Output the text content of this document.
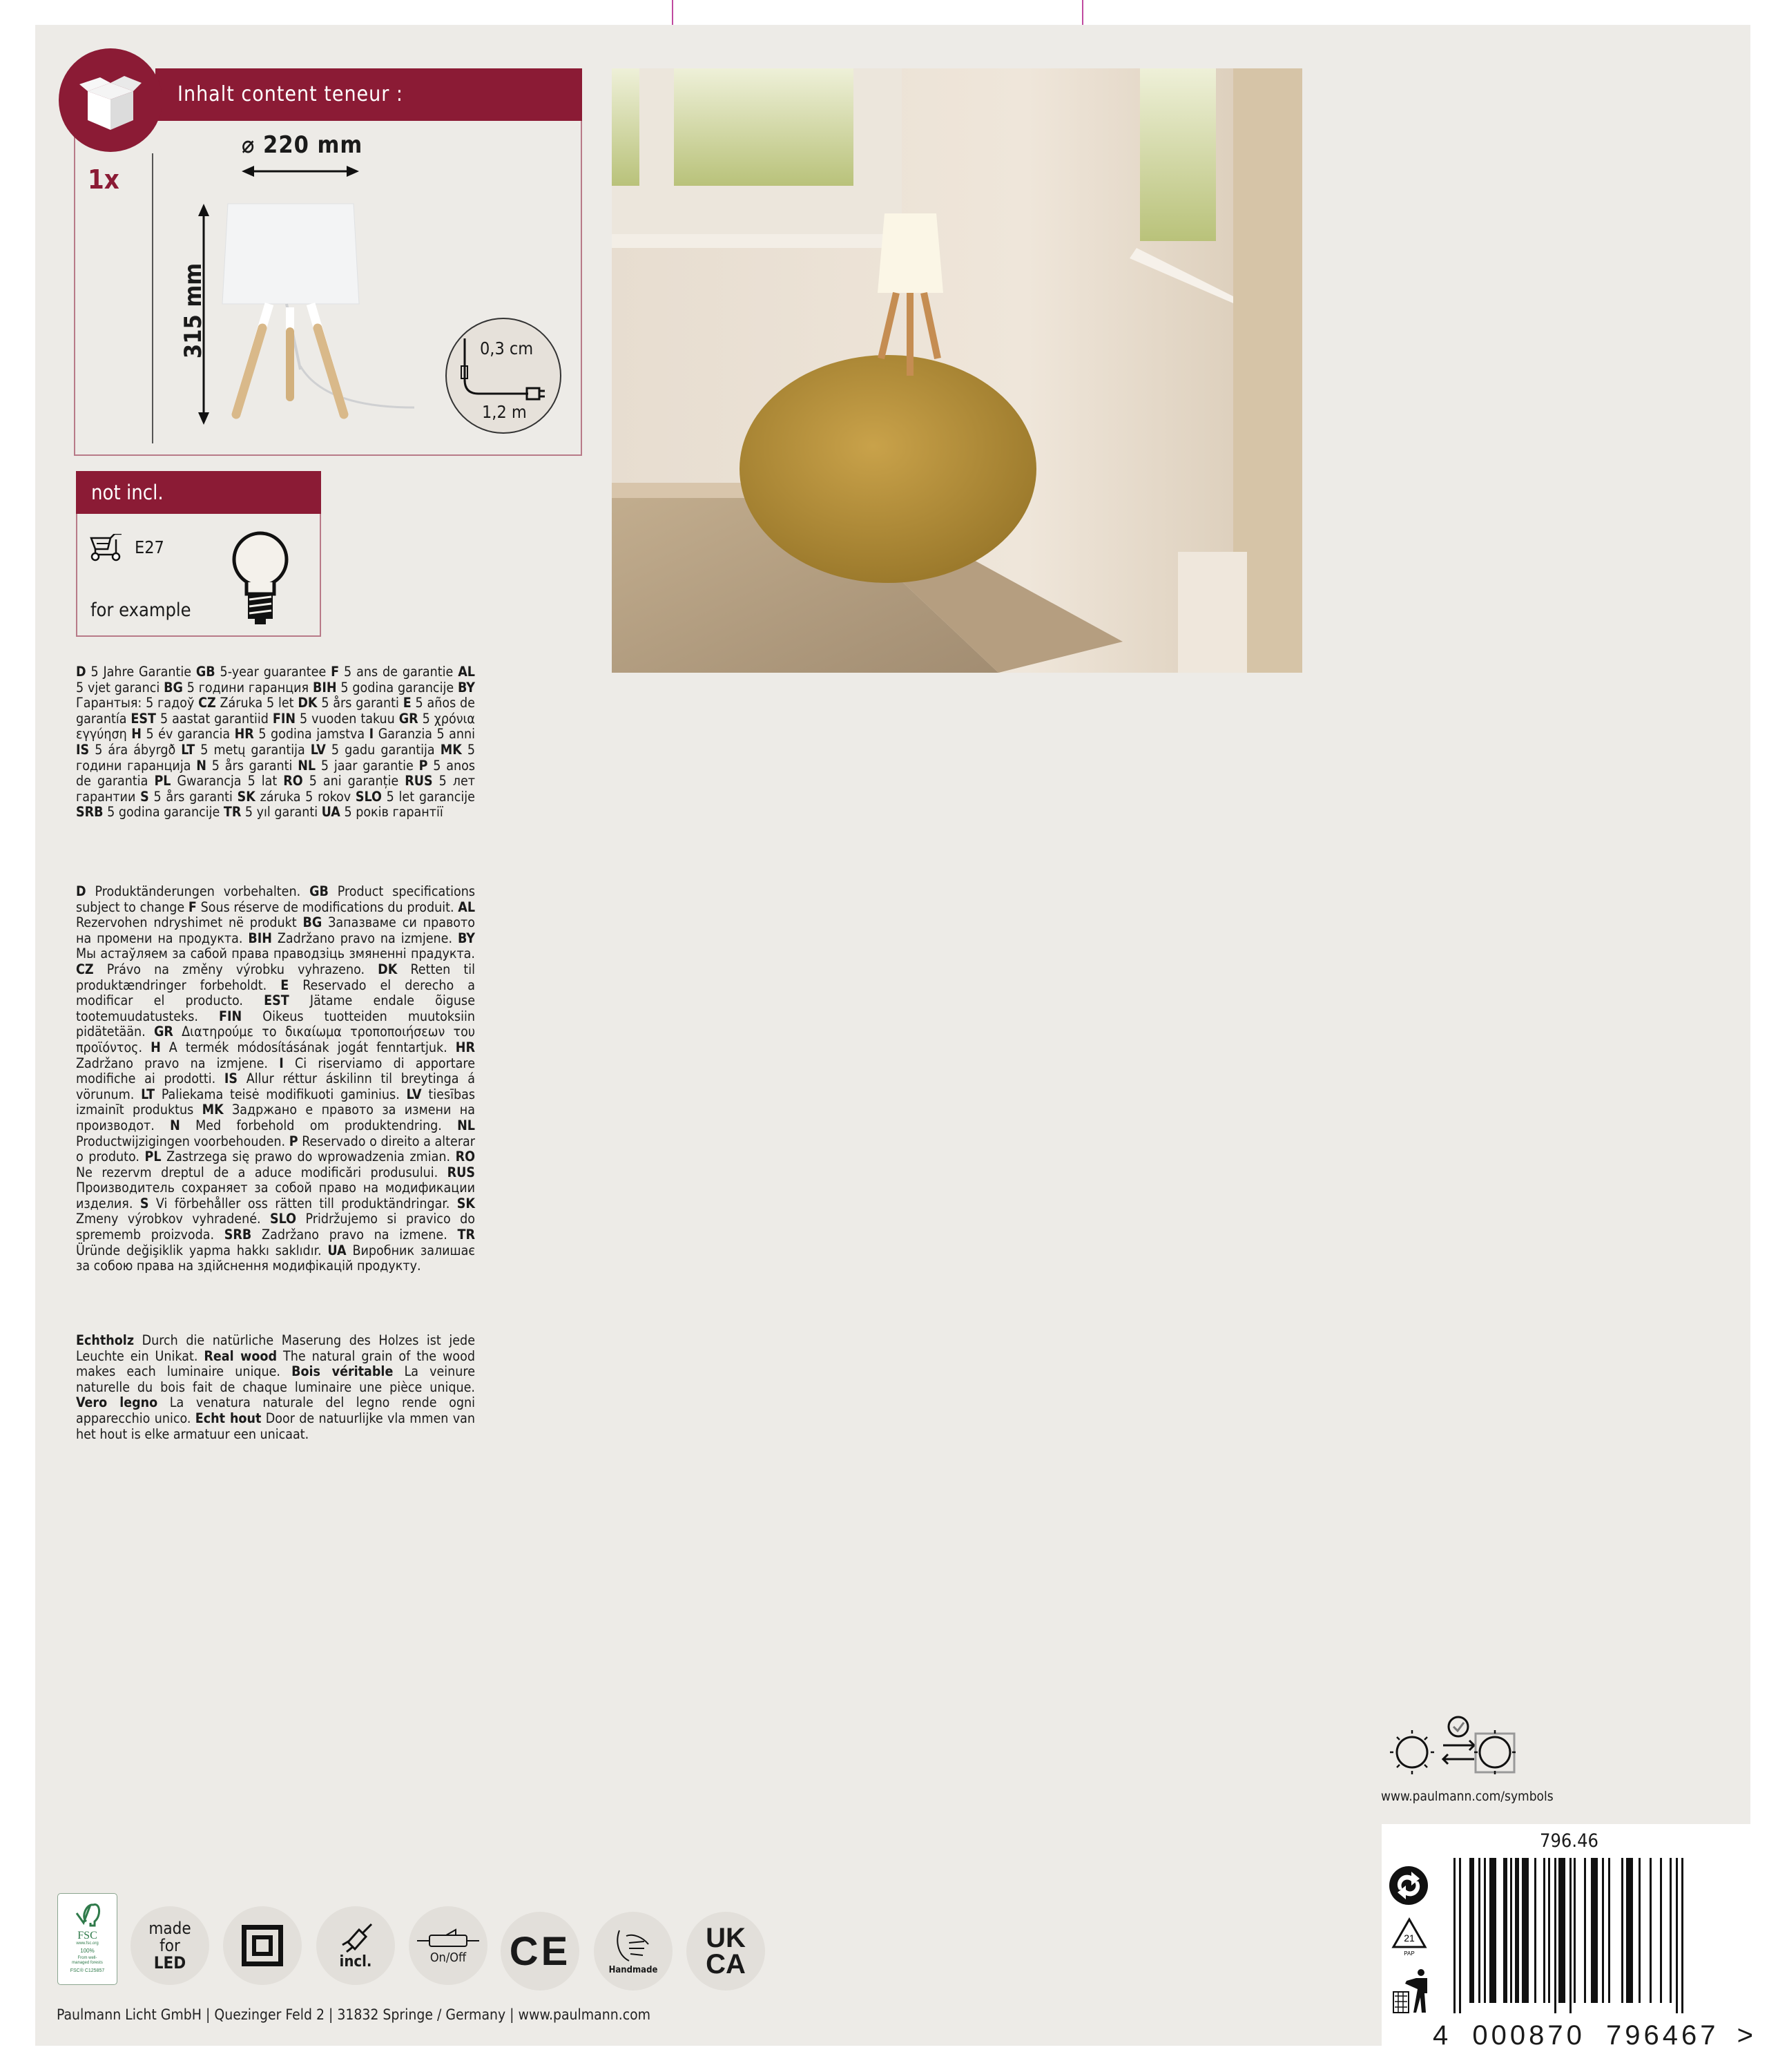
Inhalt content teneur :
1x
⌀ 220 mm
315 mm	0,3 cm
1,2 m
not incl.
E27
for example
D 5 Jahre Garantie GB 5-year guarantee F 5 ans de garantie AL 5 vjet garanci BG 5 години гаранция BIH 5 godina garancije BY Гарантыя: 5 гадоў CZ Záruka 5 let DK 5 års garanti E 5 años de garantía EST 5 aastat garantiid FIN 5 vuoden takuu GR 5 χρόνια εγγύηση H 5 év garancia HR 5 godina jamstva I Garanzia 5 anni IS 5 ára ábyrgð LT 5 metų garantija LV 5 gadu garantija MK 5 години гаранција N 5 års garanti NL 5 jaar garantie P 5 anos de garantia PL Gwarancja 5 lat RO 5 ani garanție RUS 5 лет гарантии S 5 års garanti SK záruka 5 rokov SLO 5 let garancije SRB 5 godina garancije TR 5 yıl garanti UA 5 років гарантії
D Produktänderungen vorbehalten. GB Product specifications subject to change F Sous réserve de modifications du produit. AL Rezervohen ndryshimet në produkt BG Запазваме си правото на промени на продукта. BIH Zadržano pravo na izmjene. BY Мы астаўляем за сабой права праводзіць змяненні прадукта. CZ Právo na změny výrobku vyhrazeno. DK Retten til produktændringer forbeholdt. E Reservado el derecho a modificar el producto. EST Jätame endale õiguse tootemuudatusteks. FIN Oikeus tuotteiden muutoksiin pidätetään. GR Διατηρούμε το δικαίωμα τροποποιήσεων του προϊόντος. H A termék módosításának jogát fenntartjuk. HR Zadržano pravo na izmjene. I Ci riserviamo di apportare modifiche ai prodotti. IS Allur réttur áskilinn til breytinga á vörunum. LT Paliekama teisė modifikuoti gaminius. LV tiesības izmainīt produktus MK Задржано е правото за измени на производот. N Med forbehold om produktendring. NL Productwijzigingen voorbehouden. P Reservado o direito a alterar o produto. PL Zastrzega się prawo do wprowadzenia zmian. RO Ne rezervm dreptul de a aduce modificări produsului. RUS Производитель сохраняет за собой право на модификации изделия. S Vi förbehåller oss rätten till produktändringar. SK Zmeny výrobkov vyhradené. SLO Pridržujemo si pravico do sprememb proizvoda. SRB Zadržano pravo na izmene. TR Üründe değişiklik yapma hakkı saklıdır. UA Виробник залишає за собою права на здійснення модифікацій продукту.
Echtholz Durch die natürliche Maserung des Holzes ist jede Leuchte ein Unikat. Real wood The natural grain of the wood makes each luminaire unique. Bois véritable La veinure naturelle du bois fait de chaque luminaire une pièce unique. Vero legno La venatura naturale del legno rende ogni apparecchio unico. Echt hout Door de natuurlijke vla mmen van het hout is elke armatuur een unicaat.
www.paulmann.com/symbols
796.46
21
PAP
4 000870 796467 >
FSC
www.fsc.org
100%
From well-
managed forests
FSC® C125857
made
for
LED	incl.	On/Off CE	Handmade
UK
CA
Paulmann Licht GmbH | Quezinger Feld 2 | 31832 Springe / Germany | www.paulmann.com
